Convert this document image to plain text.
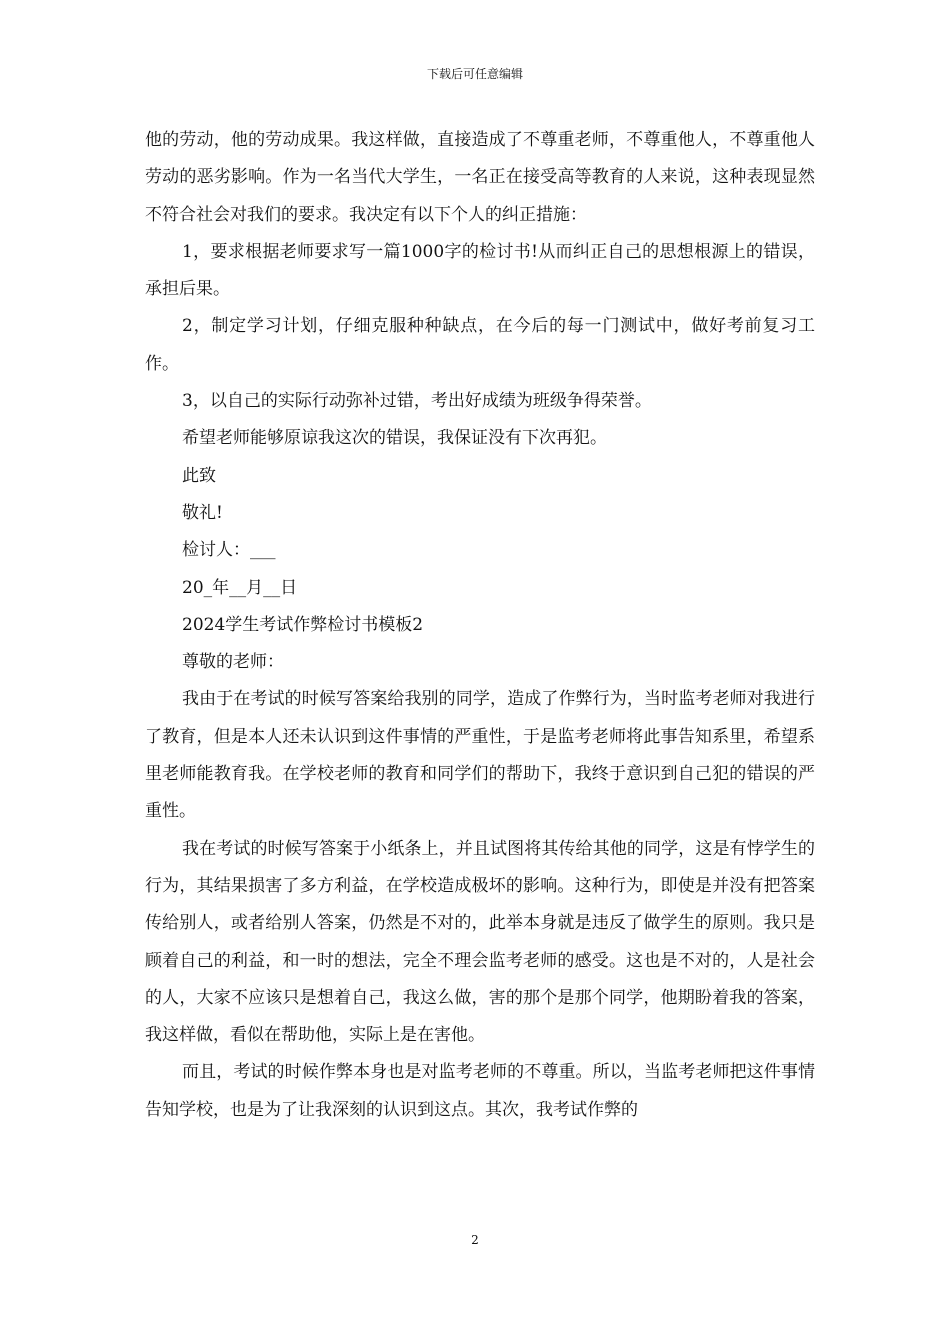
下载后可任意编辑

他的劳动，他的劳动成果。我这样做，直接造成了不尊重老师，不尊重他人，不尊重他人劳动的恶劣影响。作为一名当代大学生，一名正在接受高等教育的人来说，这种表现显然不符合社会对我们的要求。我决定有以下个人的纠正措施：

1，要求根据老师要求写一篇1000字的检讨书!从而纠正自己的思想根源上的错误，承担后果。

2，制定学习计划，仔细克服种种缺点，在今后的每一门测试中，做好考前复习工作。

3，以自己的实际行动弥补过错，考出好成绩为班级争得荣誉。

希望老师能够原谅我这次的错误，我保证没有下次再犯。

此致

敬礼!

检讨人：___

20_年__月__日

2024学生考试作弊检讨书模板2

尊敬的老师：

我由于在考试的时候写答案给我别的同学，造成了作弊行为，当时监考老师对我进行了教育，但是本人还未认识到这件事情的严重性，于是监考老师将此事告知系里，希望系里老师能教育我。在学校老师的教育和同学们的帮助下，我终于意识到自己犯的错误的严重性。

我在考试的时候写答案于小纸条上，并且试图将其传给其他的同学，这是有悖学生的行为，其结果损害了多方利益，在学校造成极坏的影响。这种行为，即使是并没有把答案传给别人，或者给别人答案，仍然是不对的，此举本身就是违反了做学生的原则。我只是顾着自己的利益，和一时的想法，完全不理会监考老师的感受。这也是不对的，人是社会的人，大家不应该只是想着自己，我这么做，害的那个是那个同学，他期盼着我的答案，我这样做，看似在帮助他，实际上是在害他。

而且，考试的时候作弊本身也是对监考老师的不尊重。所以，当监考老师把这件事情告知学校，也是为了让我深刻的认识到这点。其次，我考试作弊的

2
